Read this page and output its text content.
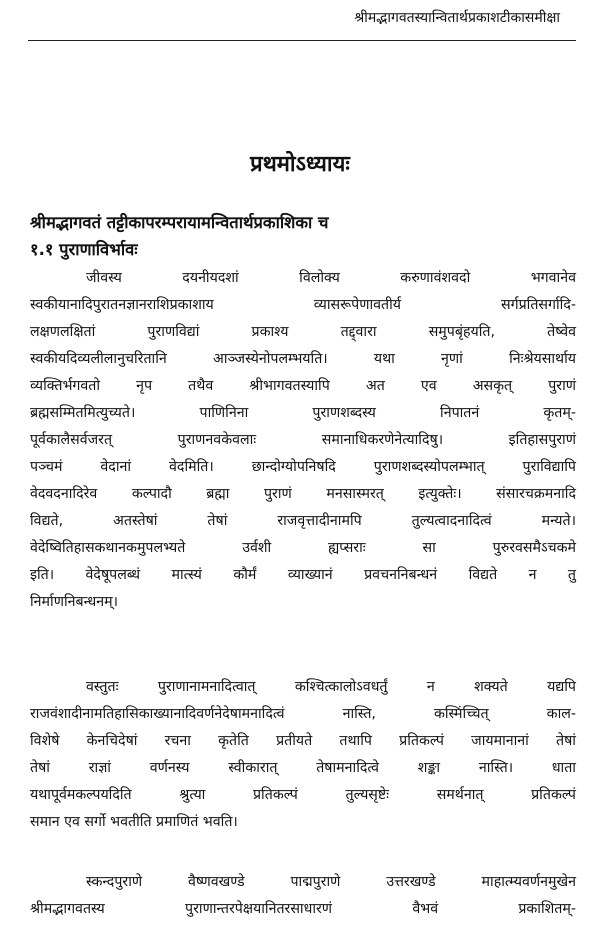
श्रीमद्भागवतस्यान्वितार्थप्रकाशटीकासमीक्षा
प्रथमोऽध्यायः
श्रीमद्भागवतं तट्टीकापरम्परायामन्वितार्थप्रकाशिका च
१.१ पुराणाविर्भावः
जीवस्य दयनीयदशां विलोक्य करुणावंशवदो भगवानेव
स्वकीयानादिपुरातनज्ञानराशिप्रकाशाय व्यासरूपेणावतीर्य सर्गप्रतिसर्गादि-
लक्षणलक्षितां पुराणविद्यां प्रकाश्य तद्द्वारा समुपबृंहयति, तेष्वेव
स्वकीयदिव्यलीलानुचरितानि आञ्जस्येनोपलम्भयति। यथा नृणां निःश्रेयसार्थाय
व्यक्तिर्भगवतो नृप तथैव श्रीभागवतस्यापि अत एव असकृत् पुराणं
ब्रह्मसम्मितमित्युच्यते। पाणिनिना पुराणशब्दस्य निपातनं कृतम्-
पूर्वकालैसर्वजरत् पुराणनवकेवलाः समानाधिकरणेनेत्यादिषु। इतिहासपुराणं
पञ्चमं वेदानां वेदमिति। छान्दोग्योपनिषदि पुराणशब्दस्योपलम्भात् पुराविद्यापि
वेदवदनादिरेव कल्पादौ ब्रह्मा पुराणं मनसास्मरत् इत्युक्तेः। संसारचक्रमनादि
विद्यते, अतस्तेषां तेषां राजवृत्तादीनामपि तुल्यत्वादनादित्वं मन्यते।
वेदेष्वितिहासकथानकमुपलभ्यते उर्वशी ह्यप्सराः सा पुरुरवसमैऽचकमे
इति। वेदेषूपलब्धं मात्स्यं कौर्मं व्याख्यानं प्रवचननिबन्धनं विद्यते न तु
निर्माणनिबन्धनम्।
वस्तुतः पुराणानामनादित्वात् कश्चित्कालोऽवधर्तुं न शक्यते यद्यपि
राजवंशादीनामतिहासिकाख्यानादिवर्णनेदेषामनादित्वं नास्ति, कस्मिंच्चित् काल-
विशेषे केनचिदेषां रचना कृतेति प्रतीयते तथापि प्रतिकल्पं जायमानानां तेषां
तेषां राज्ञां वर्णनस्य स्वीकारात् तेषामनादित्वे शङ्का नास्ति। धाता
यथापूर्वमकल्पयदिति श्रुत्या प्रतिकल्पं तुल्यसृष्टेः समर्थनात् प्रतिकल्पं
समान एव सर्गो भवतीति प्रमाणितं भवति।
स्कन्दपुराणे वैष्णवखण्डे पाद्मपुराणे उत्तरखण्डे माहात्म्यवर्णनमुखेन
श्रीमद्भागवतस्य पुराणान्तरपेक्षयानितरसाधारणं वैभवं प्रकाशितम्-
